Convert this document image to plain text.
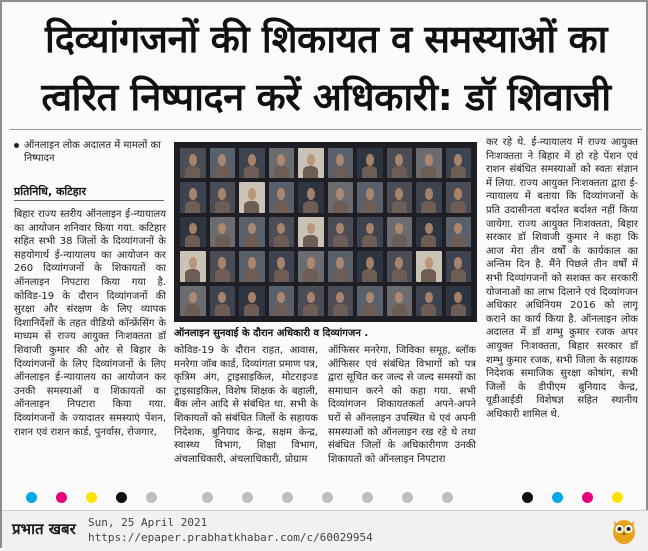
दिव्यांगजनों की शिकायत व समस्याओं का
त्वरित निष्पादन करें अधिकारी: डॉ शिवाजी
ऑनलाइन लोक अदालत में मामलों का निष्पादन
प्रतिनिधि, कटिहार
बिहार राज्य स्तरीय ऑनलाइन ई-न्यायालय का आयोजन शनिवार किया गया. कटिहार सहित सभी 38 जिलों के दिव्यांगजनों के सहयोगार्थ ई-न्यायालय का आयोजन कर 260 दिव्यांगजनों के शिकायतों का ऑनलाइन निपटारा किया गया है. कोविड-19 के दौरान दिव्यांगजनों की सुरक्षा और संरक्षण के लिए व्यापक दिशानिर्देशों के तहत वीडियो कॉन्फ्रेंसिंग के माध्यम से राज्य आयुक्त निःशक्तता डॉ शिवाजी कुमार की ओर से बिहार के दिव्यांगजनों के लिए दिव्यांगजनों के लिए ऑनलाइन ई-न्यायालय का आयोजन कर उनकी समस्याओं व शिकायतों का ऑनलाइन निपटारा किया गया. दिव्यांगजनों के ज्यादातर समस्याएं पेंशन, राशन एवं राशन कार्ड, पुनर्वास, रोजगार,
ऑनलाइन सुनवाई के दौरान अधिकारी व दिव्यांगजन .
कोविड-19 के दौरान राहत, आवास, मनरेगा जॉब कार्ड, दिव्यांगता प्रमाण पत्र, कृत्रिम अंग, ट्राइसाइकिल, मोटराइज्ड ट्राइसाइकिल, विशेष शिक्षक के बहाली, बैंक लोन आदि से संबंधित था. सभी के शिकायतों को संबंधित जिलों के सहायक निदेशक, बुनियाद केन्द्र, सक्षम केन्द्र, स्वास्थ्य विभाग, शिक्षा विभाग, अंचलाधिकारी, अंचलाधिकारी, प्रोग्राम
ऑफिसर मनरेगा, जिविका समूह, ब्लॉक ऑफिसर एवं संबंधित विभागों को पत्र द्वारा सूचित कर जल्द से जल्द समस्यों का समाधान करने को कहा गया. सभी दिव्यांगजन शिकायतकर्ता अपने-अपने घरों से ऑनलाइन उपस्थित थे एवं अपनी समस्याओं को ऑनलाइन रख रहे थे तथा संबंधित जिलों के अधिकारीगण उनकी शिकायतों को ऑनलाइन निपटारा
कर रहे थे. ई-न्यायालय में राज्य आयुक्त निःशक्तता ने बिहार में हो रहे पेंशन एवं राशन संबंधित समस्याओं को स्वतः संज्ञान में लिया. राज्य आयुक्त निःशक्तता द्वारा ई-न्यायालय में बताया कि दिव्यांगजनों के प्रति उदासीनता बर्दाश्त बर्दाश्त नहीं किया जायेगा. राज्य आयुक्त निःशक्तता, बिहार सरकार डॉ शिवाजी कुमार ने कहा कि आज मेरा तीन वर्षों के कार्यकाल का अन्तिम दिन है. मैंने पिछले तीन वर्षों में सभी दिव्यांगजनों को सशक्त कर सरकारी योजनाओं का लाभ दिलाने एवं दिव्यांगजन अधिकार अधिनियम 2016 को लागू कराने का कार्य किया है. ऑनलाइन लोक अदालत में डॉ शम्भु कुमार रजक अपर आयुक्त निःशक्तता, बिहार सरकार डॉ शम्भु कुमार रजक, सभी जिला के सहायक निदेशक समाजिक सुरक्षा कोषांग, सभी जिलों के डीपीएम बुनियाद केन्द्र, यूडीआईडी विशेषज्ञ सहित स्थानीय अधिकारी शामिल थे.
प्रभात खबर Sun, 25 April 2021
https://epaper.prabhatkhabar.com/c/60029954
